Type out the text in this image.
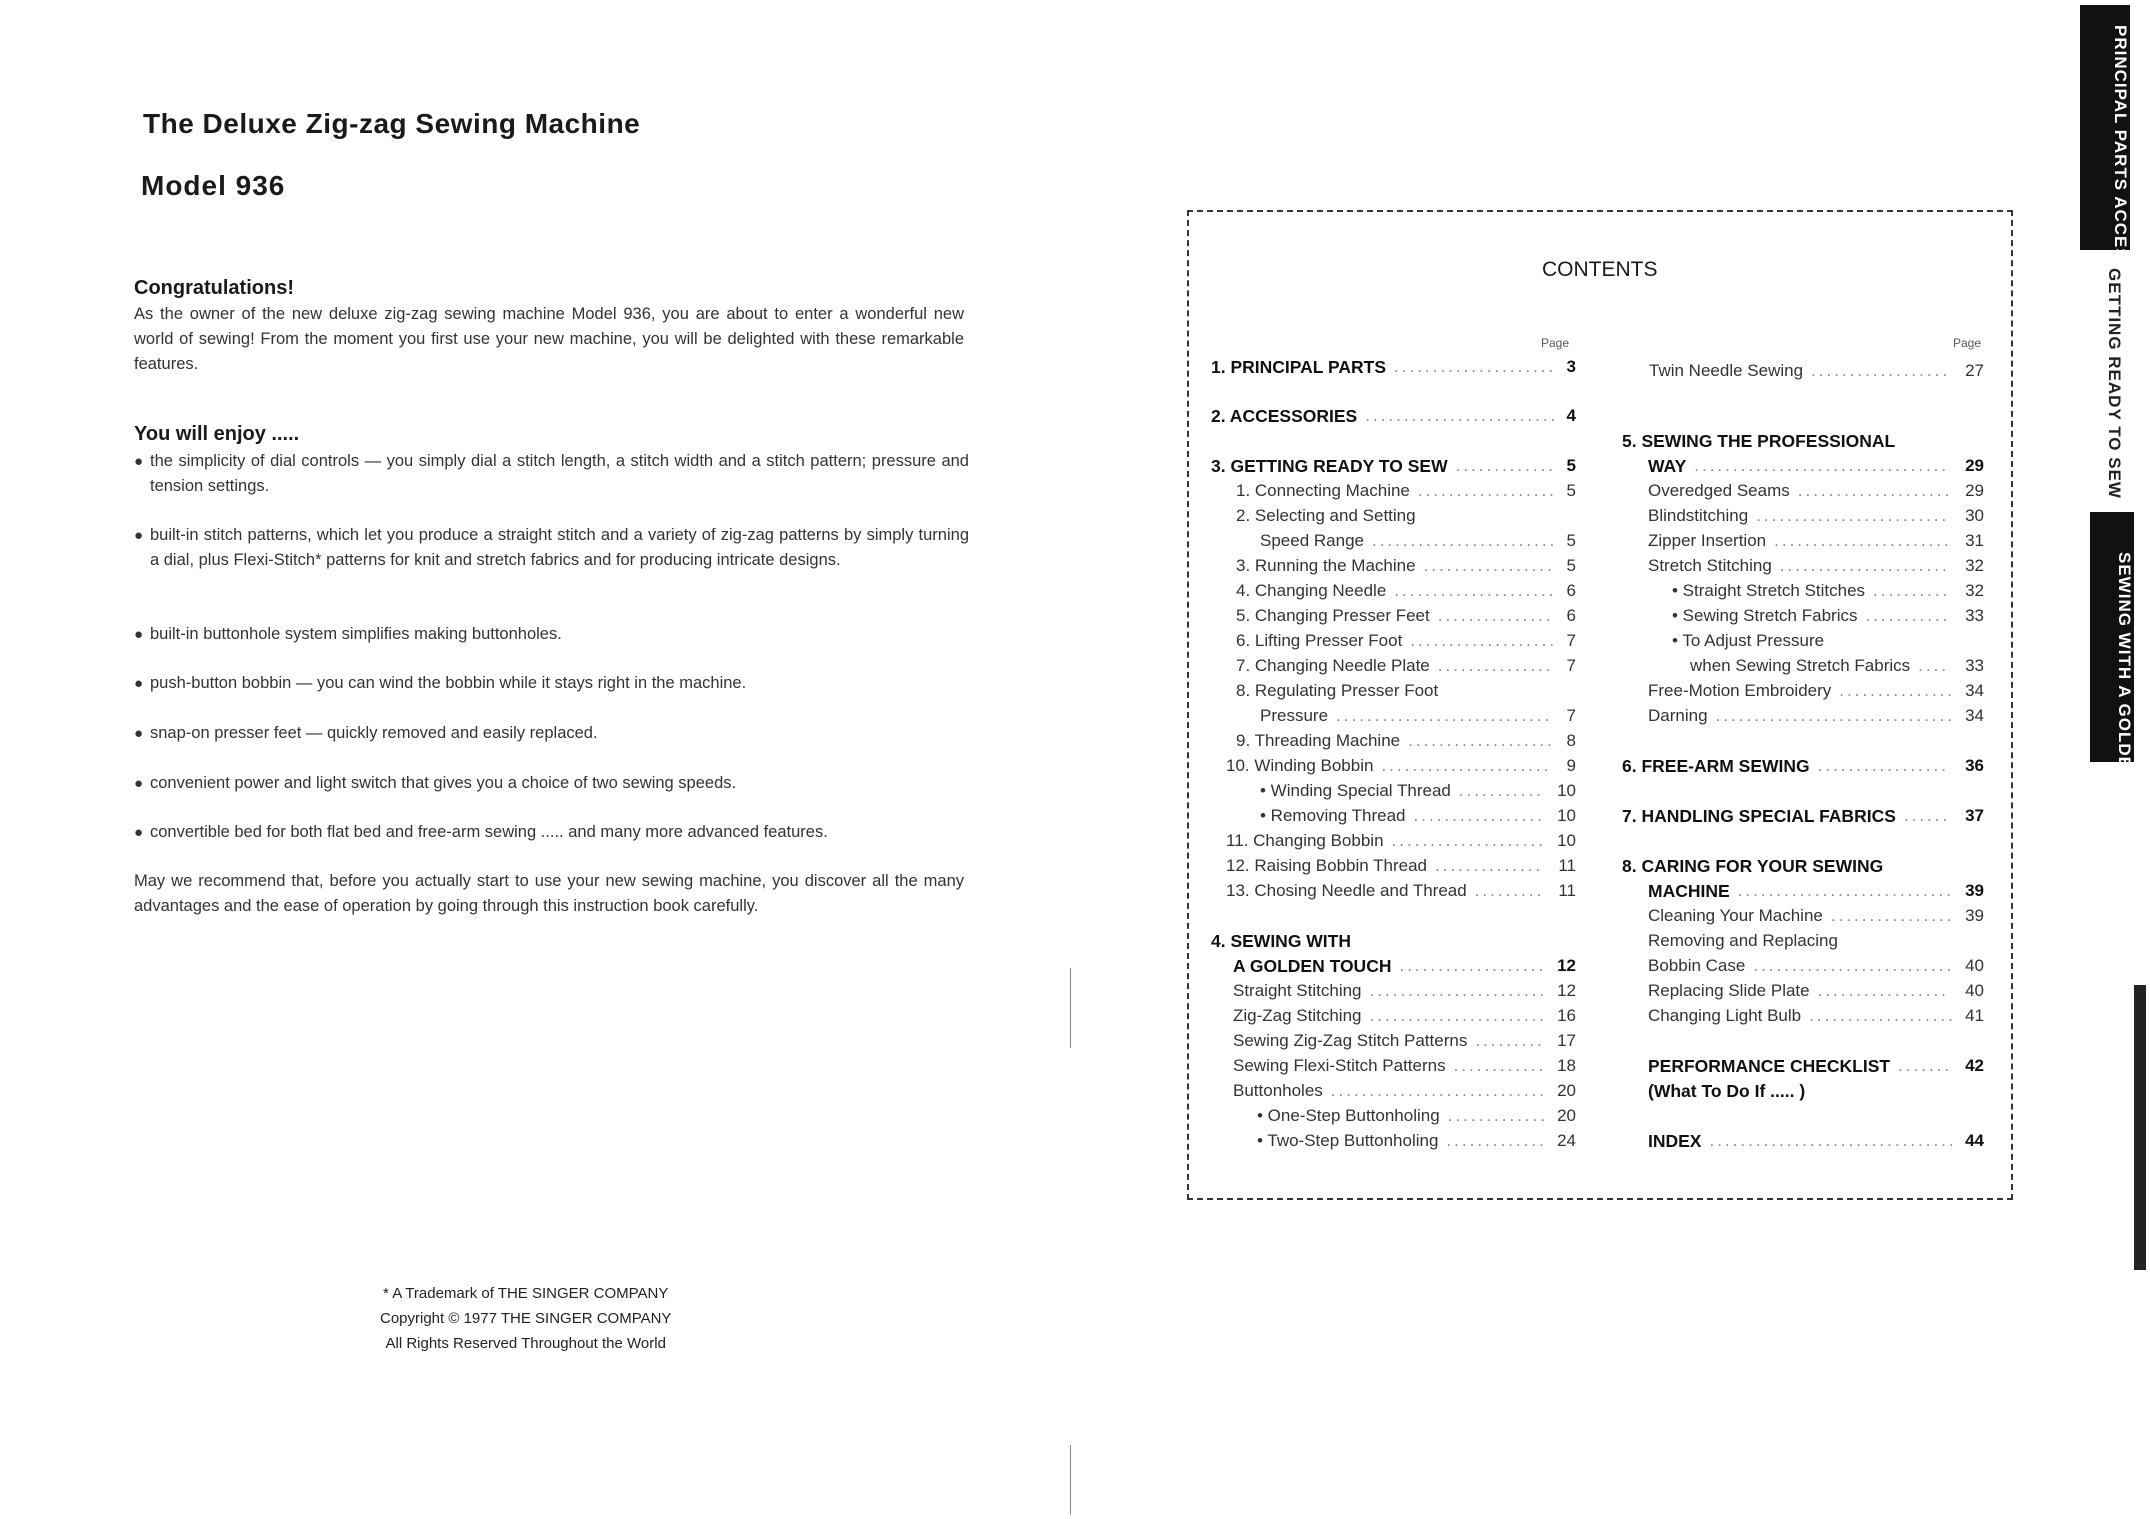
The Deluxe Zig-zag Sewing Machine
Model 936
Congratulations!
As the owner of the new deluxe zig-zag sewing machine Model 936, you are about to enter a wonderful new world of sewing! From the moment you first use your new machine, you will be delighted with these remarkable features.
You will enjoy .....
● the simplicity of dial controls — you simply dial a stitch length, a stitch width and a stitch pattern; pressure and tension settings.
● built-in stitch patterns, which let you produce a straight stitch and a variety of zig-zag patterns by simply turning a dial, plus Flexi-Stitch* patterns for knit and stretch fabrics and for producing intricate designs.
● built-in buttonhole system simplifies making buttonholes.
● push-button bobbin — you can wind the bobbin while it stays right in the machine.
● snap-on presser feet — quickly removed and easily replaced.
● convenient power and light switch that gives you a choice of two sewing speeds.
● convertible bed for both flat bed and free-arm sewing ..... and many more advanced features.
May we recommend that, before you actually start to use your new sewing machine, you discover all the many advantages and the ease of operation by going through this instruction book carefully.
* A Trademark of THE SINGER COMPANY
Copyright © 1977 THE SINGER COMPANY
All Rights Reserved Throughout the World
CONTENTS
Page	Page
1. PRINCIPAL PARTS	3
.....................
2. ACCESSORIES	4
.........................
3. GETTING READY TO SEW	5
.............
1. Connecting Machine	5
..................
2. Selecting and Setting
Speed Range	5
........................
3. Running the Machine	5
.................
4. Changing Needle	6
.....................
5. Changing Presser Feet	6
...............
6. Lifting Presser Foot	7
...................
7. Changing Needle Plate	7
...............
8. Regulating Presser Foot
Pressure	7
............................
9. Threading Machine	8
...................
10. Winding Bobbin	9
......................
• Winding Special Thread	10
...........
• Removing Thread	10
.................
11. Changing Bobbin	10
....................
12. Raising Bobbin Thread	11
..............
13. Chosing Needle and Thread	11
.........
4. SEWING WITH
A GOLDEN TOUCH	12
...................
Straight Stitching	12
.......................
Zig-Zag Stitching	16
.......................
Sewing Zig-Zag Stitch Patterns	17
.........
Sewing Flexi-Stitch Patterns	18
............
Buttonholes	20
............................
• One-Step Buttonholing	20
.............
• Two-Step Buttonholing	24
.............
Twin Needle Sewing	27
..................
5. SEWING THE PROFESSIONAL
WAY	29
.................................
Overedged Seams	29
....................
Blindstitching	30
.........................
Zipper Insertion	31
.......................
Stretch Stitching	32
......................
• Straight Stretch Stitches	32
..........
• Sewing Stretch Fabrics	33
...........
• To Adjust Pressure
when Sewing Stretch Fabrics	33
....
Free-Motion Embroidery	34
...............
Darning	34
...............................
6. FREE-ARM SEWING	36
.................
7. HANDLING SPECIAL FABRICS	37
......
8. CARING FOR YOUR SEWING
MACHINE	39
............................
Cleaning Your Machine	39
................
Removing and Replacing
Bobbin Case	40
..........................
Replacing Slide Plate	40
.................
Changing Light Bulb	41
...................
PERFORMANCE CHECKLIST	42
.......
(What To Do If ..... )
INDEX	44
................................
PRINCIPAL PARTS ACCESSORIES
GETTING READY TO SEW
SEWING WITH A GOLDEN TOUCH
